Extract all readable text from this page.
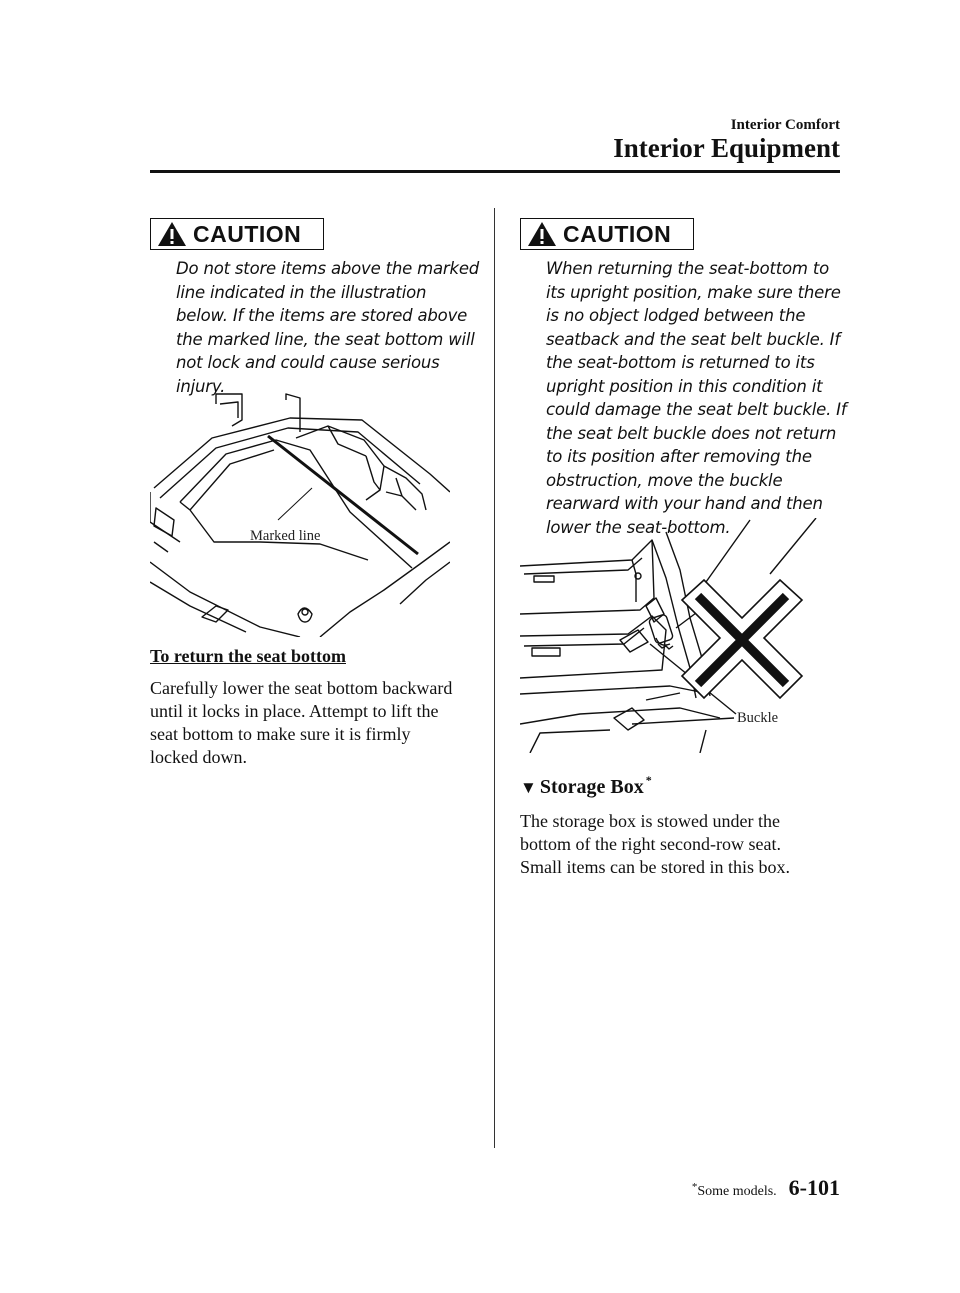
Interior Comfort
Interior Equipment
CAUTION
Do not store items above the marked
line indicated in the illustration
below. If the items are stored above
the marked line, the seat bottom will
not lock and could cause serious
injury.
Marked line
To return the seat bottom
Carefully lower the seat bottom backward
until it locks in place. Attempt to lift the
seat bottom to make sure it is firmly
locked down.
CAUTION
When returning the seat-bottom to
its upright position, make sure there
is no object lodged between the
seatback and the seat belt buckle. If
the seat-bottom is returned to its
upright position in this condition it
could damage the seat belt buckle. If
the seat belt buckle does not return
to its position after removing the
obstruction, move the buckle
rearward with your hand and then
lower the seat-bottom.
Buckle
▼ Storage Box *
The storage box is stowed under the
bottom of the right second-row seat.
Small items can be stored in this box.
* Some models. 6-101
